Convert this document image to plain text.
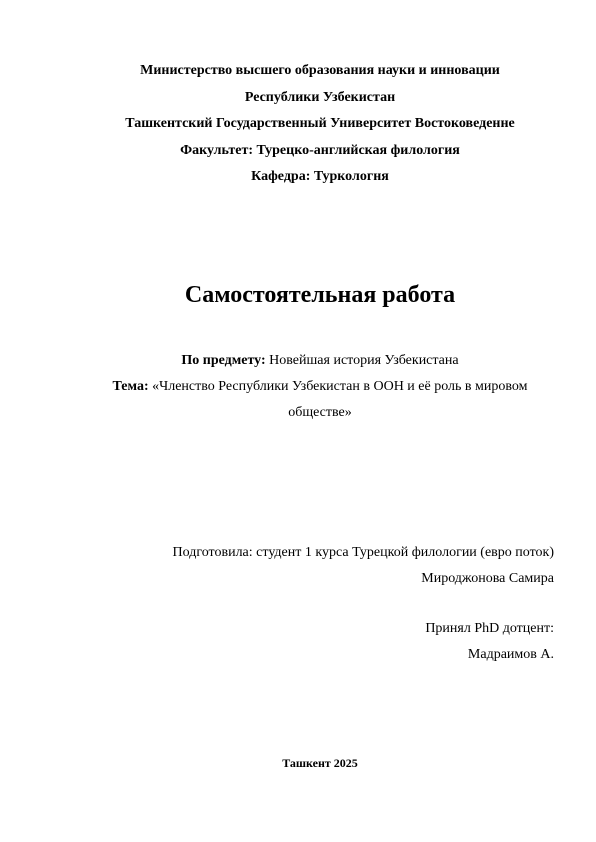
Министерство высшего образования науки и инновации
Республики Узбекистан
Ташкентский Государственный Университет Востоковеденне
Факультет: Турецко-английская филология
Кафедра: Туркологня
Самостоятельная работа
По предмету: Новейшая история Узбекистана
Тема: «Членство Республики Узбекистан в ООН и её роль в мировом обществе»
Подготовила: студент 1 курса Турецкой филологии (евро поток)
Мироджонова Самира
Принял PhD дотцент:
Мадраимов А.
Ташкент 2025
